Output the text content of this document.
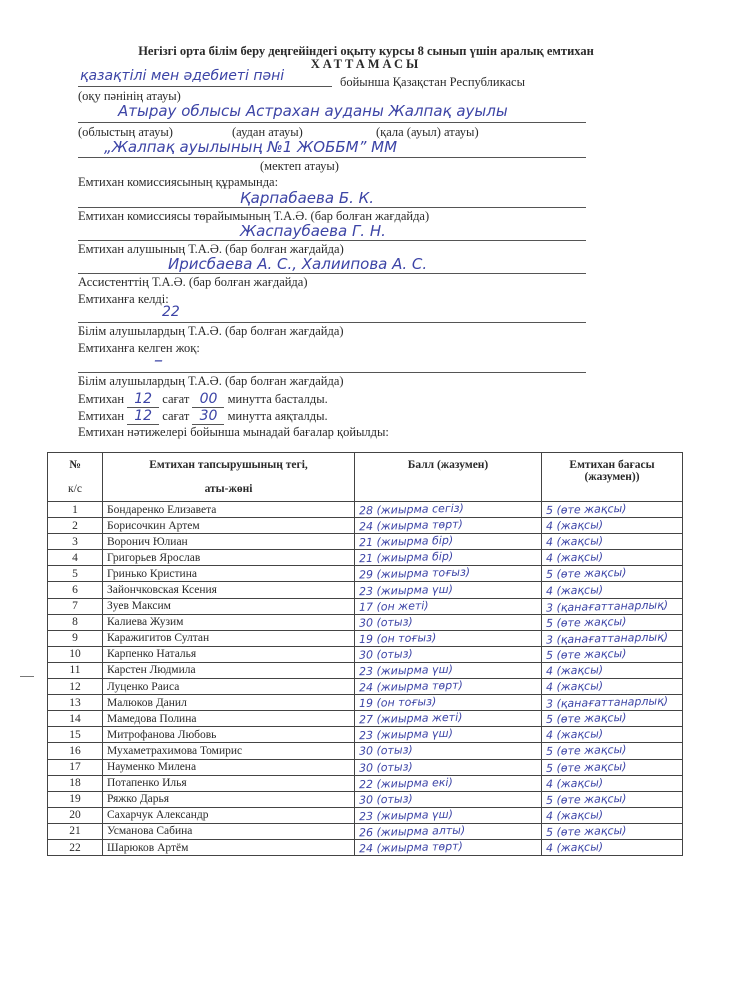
Негізгі орта білім беру деңгейіндегі оқыту курсы 8 сынып үшін аралық емтихан
ХАТТАМАСЫ
қазақтілі мен әдебиеті пәні	бойынша Қазақстан Республикасы
(оқу пәнінің атауы)
Атырау облысы Астрахан ауданы Жалпақ ауылы
(облыстың атауы)	(аудан атауы)	(қала (ауыл) атауы)
„Жалпақ ауылының №1 ЖОББМ” ММ
(мектеп атауы)
Емтихан комиссиясының құрамында:
Қарпабаева Б. К.
Емтихан комиссиясы төрайымының Т.А.Ә. (бар болған жағдайда)
Жаспаубаева Г. Н.
Емтихан алушының Т.А.Ә. (бар болған жағдайда)
Ирисбаева А. С., Халиипова А. С.
Ассистенттің Т.А.Ә. (бар болған жағдайда)
Емтиханға келді:
22
Білім алушылардың Т.А.Ә. (бар болған жағдайда)
Емтиханға келген жоқ:
–
Білім алушылардың Т.А.Ә. (бар болған жағдайда)
Емтихан 12 сағат 00 минутта басталды.
Емтихан 12 сағат 30 минутта аяқталды.
Емтихан нәтижелері бойынша мынадай бағалар қойылды:
№

к/с	Емтихан тапсырушының тегі,

аты-жөні	Балл (жазумен)	Емтихан бағасы (жазумен))
1	Бондаренко Елизавета	28 (жиырма сегіз)	5 (өте жақсы)
2	Борисочкин Артем	24 (жиырма төрт)	4 (жақсы)
3	Воронич Юлиан	21 (жиырма бір)	4 (жақсы)
4	Григорьев Ярослав	21 (жиырма бір)	4 (жақсы)
5	Гринько Кристина	29 (жиырма тоғыз)	5 (өте жақсы)
6	Зайончковская Ксения	23 (жиырма үш)	4 (жақсы)
7	Зуев Максим	17 (он жеті)	3 (қанағаттанарлық)
8	Калиева Жузим	30 (отыз)	5 (өте жақсы)
9	Каражигитов Султан	19 (он тоғыз)	3 (қанағаттанарлық)
10	Карпенко Наталья	30 (отыз)	5 (өте жақсы)
11	Карстен Людмила	23 (жиырма үш)	4 (жақсы)
12	Луценко Раиса	24 (жиырма төрт)	4 (жақсы)
13	Малюков Данил	19 (он тоғыз)	3 (қанағаттанарлық)
14	Мамедова Полина	27 (жиырма жеті)	5 (өте жақсы)
15	Митрофанова Любовь	23 (жиырма үш)	4 (жақсы)
16	Мухаметрахимова Томирис	30 (отыз)	5 (өте жақсы)
17	Науменко Милена	30 (отыз)	5 (өте жақсы)
18	Потапенко Илья	22 (жиырма екі)	4 (жақсы)
19	Ряжко Дарья	30 (отыз)	5 (өте жақсы)
20	Сахарчук Александр	23 (жиырма үш)	4 (жақсы)
21	Усманова Сабина	26 (жиырма алты)	5 (өте жақсы)
22	Шарюков Артём	24 (жиырма төрт)	4 (жақсы)
